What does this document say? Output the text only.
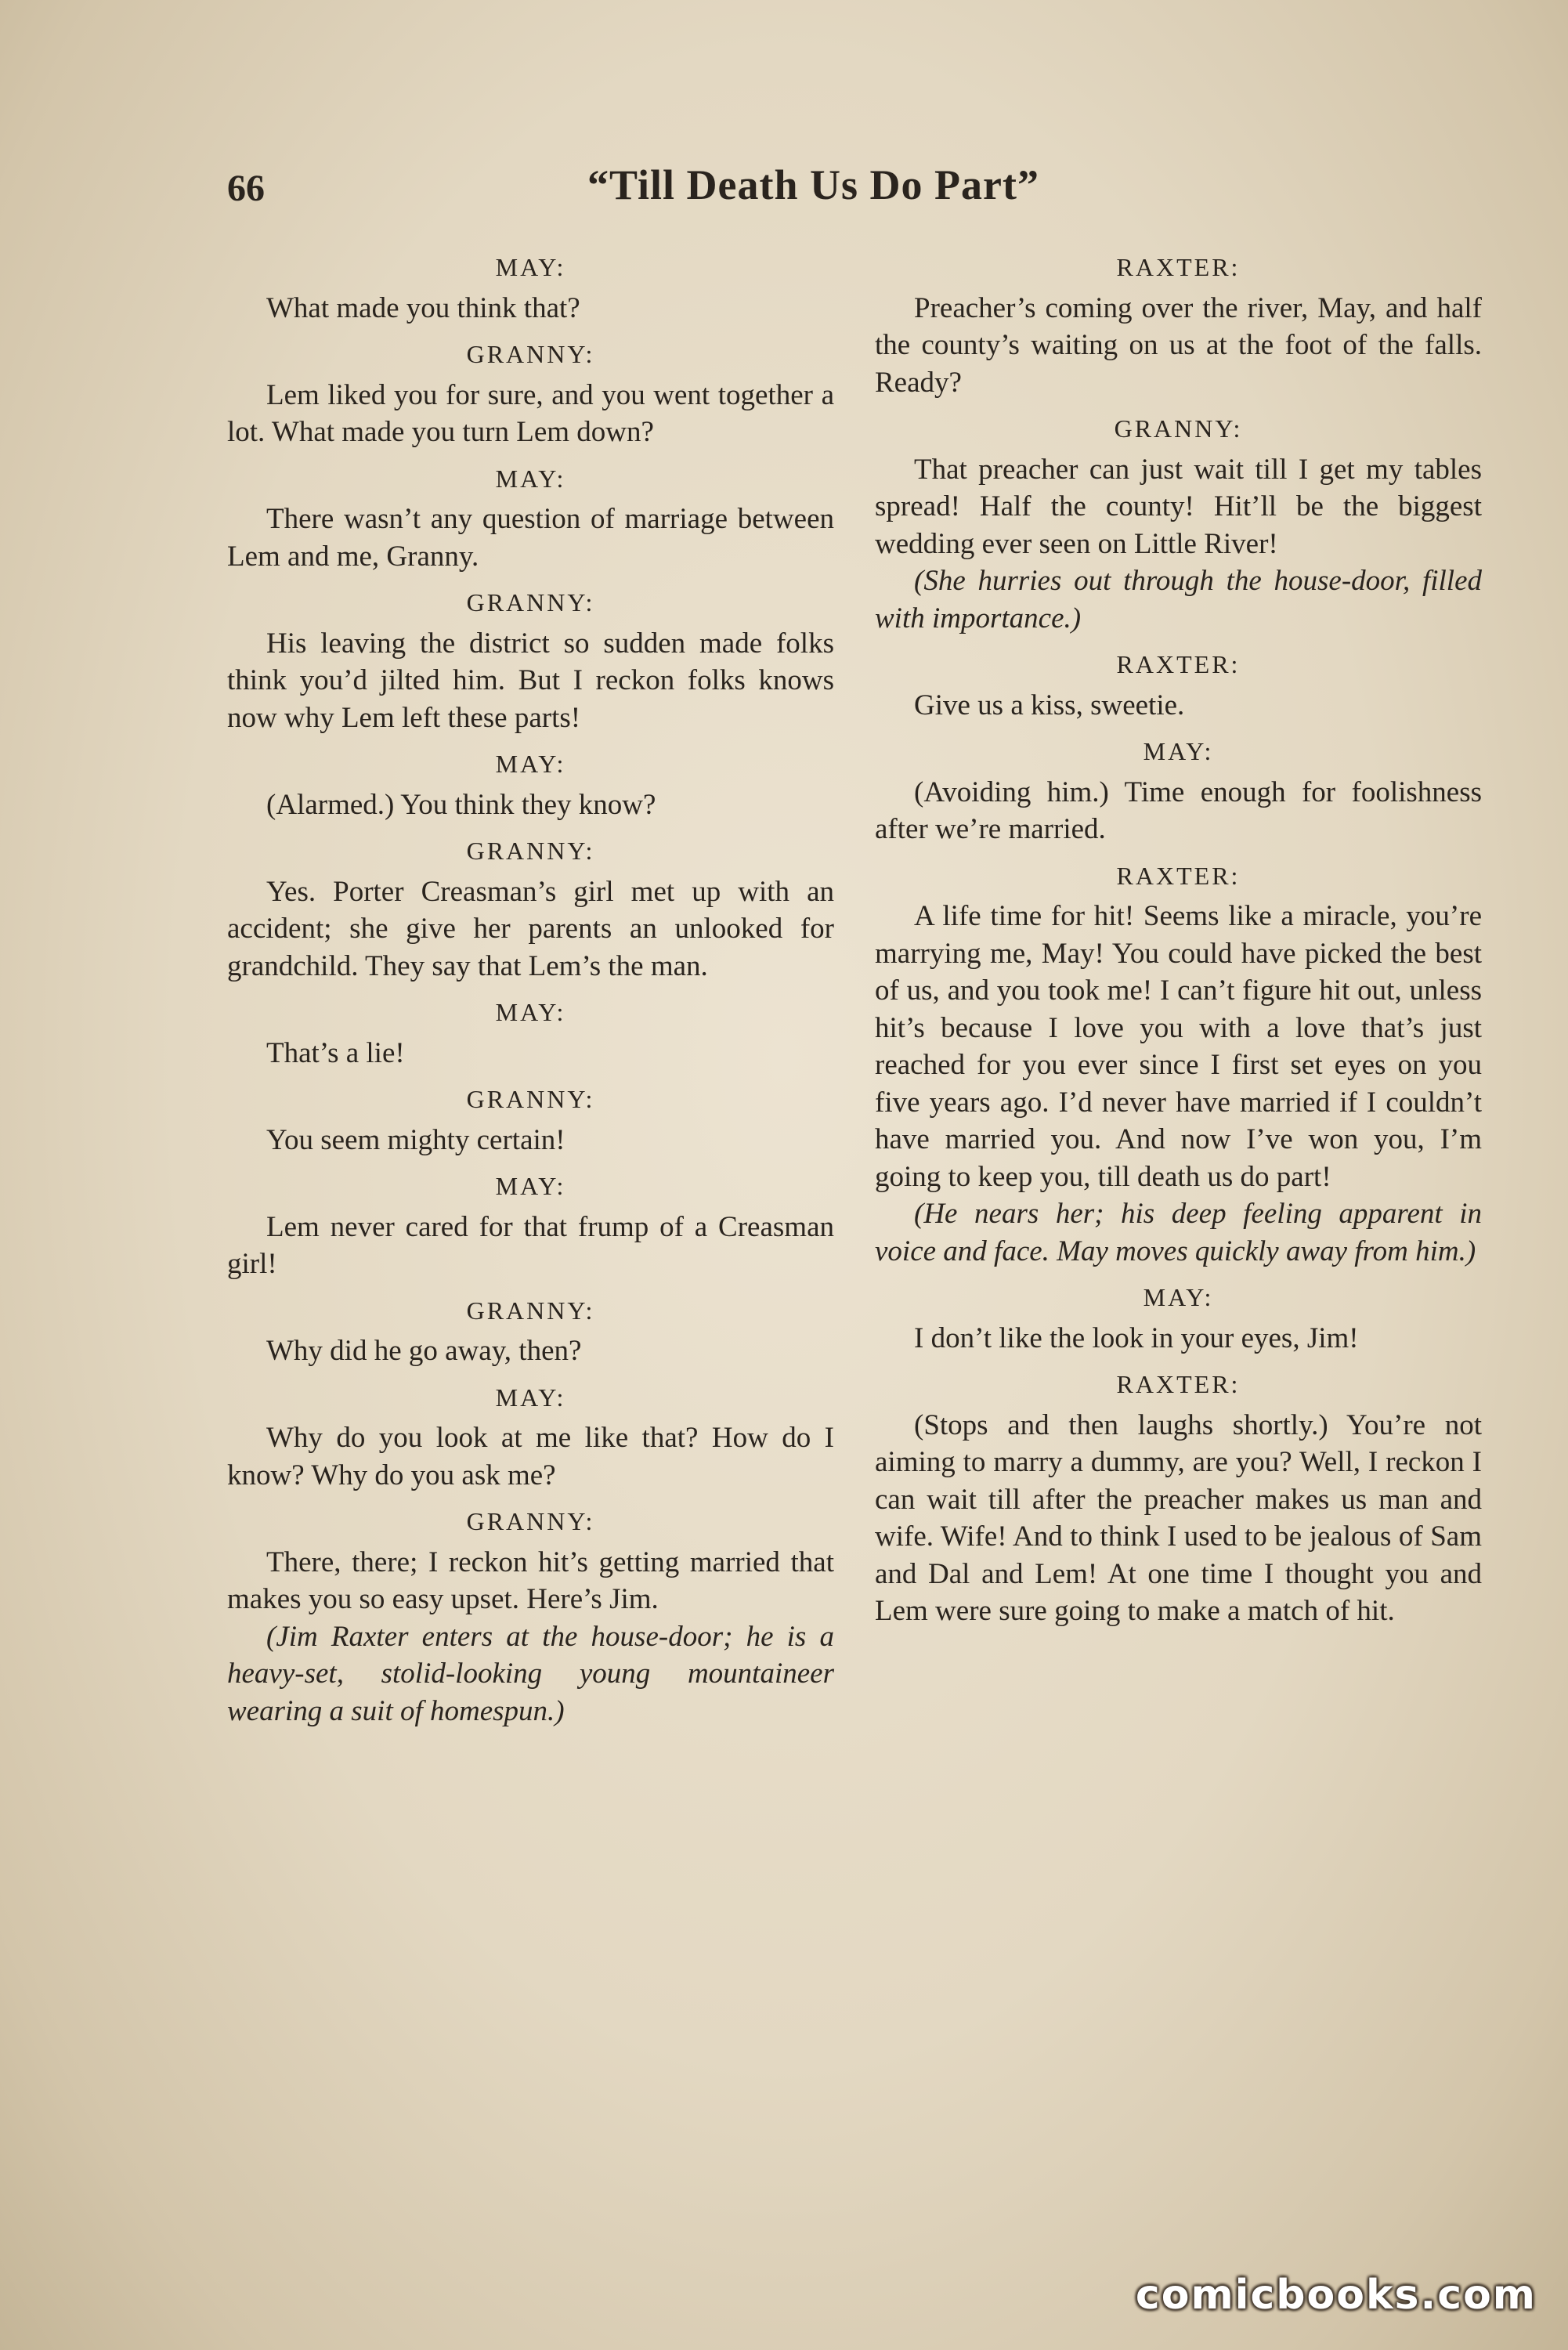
66	“Till Death Us Do Part”
MAY:

What made you think that?

GRANNY:

Lem liked you for sure, and you went together a lot. What made you turn Lem down?

MAY:

There wasn’t any question of marriage between Lem and me, Granny.

GRANNY:

His leaving the district so sudden made folks think you’d jilted him. But I reckon folks knows now why Lem left these parts!

MAY:

(Alarmed.) You think they know?

GRANNY:

Yes. Porter Creasman’s girl met up with an accident; she give her parents an unlooked for grandchild. They say that Lem’s the man.

MAY:

That’s a lie!

GRANNY:

You seem mighty certain!

MAY:

Lem never cared for that frump of a Creasman girl!

GRANNY:

Why did he go away, then?

MAY:

Why do you look at me like that? How do I know? Why do you ask me?

GRANNY:

There, there; I reckon hit’s getting married that makes you so easy upset. Here’s Jim.

(Jim Raxter enters at the house-door; he is a heavy-set, stolid-looking young mountaineer wearing a suit of homespun.)

RAXTER:

Preacher’s coming over the river, May, and half the county’s waiting on us at the foot of the falls. Ready?

GRANNY:

That preacher can just wait till I get my tables spread! Half the county! Hit’ll be the biggest wedding ever seen on Little River!

(She hurries out through the house-door, filled with importance.)

RAXTER:

Give us a kiss, sweetie.

MAY:

(Avoiding him.) Time enough for foolishness after we’re married.

RAXTER:

A life time for hit! Seems like a miracle, you’re marrying me, May! You could have picked the best of us, and you took me! I can’t figure hit out, unless hit’s because I love you with a love that’s just reached for you ever since I first set eyes on you five years ago. I’d never have married if I couldn’t have married you. And now I’ve won you, I’m going to keep you, till death us do part!

(He nears her; his deep feeling apparent in voice and face. May moves quickly away from him.)

MAY:

I don’t like the look in your eyes, Jim!

RAXTER:

(Stops and then laughs shortly.) You’re not aiming to marry a dummy, are you? Well, I reckon I can wait till after the preacher makes us man and wife. Wife! And to think I used to be jealous of Sam and Dal and Lem! At one time I thought you and Lem were sure going to make a match of hit.

comicbooks.com
